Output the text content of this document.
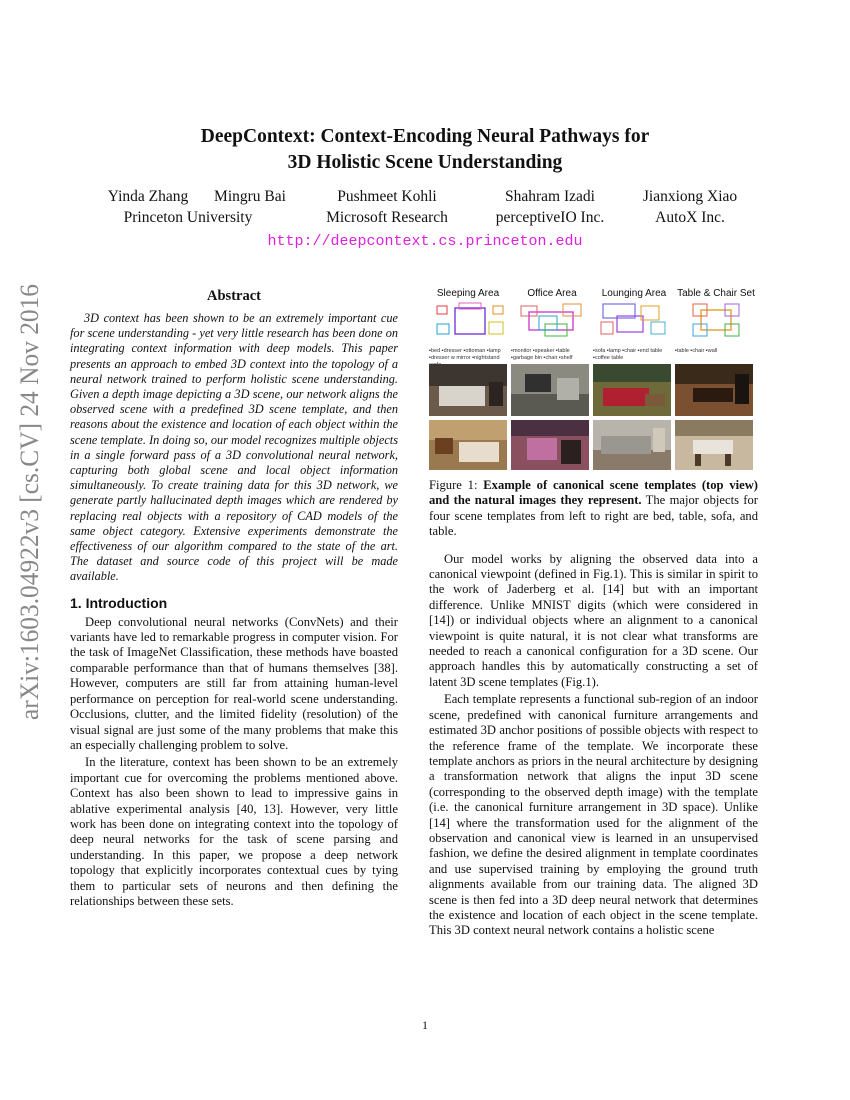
arXiv:1603.04922v3 [cs.CV] 24 Nov 2016
DeepContext: Context-Encoding Neural Pathways for
3D Holistic Scene Understanding
Yinda Zhang	Mingru Bai
Princeton University
Pushmeet Kohli
Microsoft Research
Shahram Izadi
perceptiveIO Inc.
Jianxiong Xiao
AutoX Inc.
http://deepcontext.cs.princeton.edu
Abstract

3D context has been shown to be an extremely important cue for scene understanding - yet very little research has been done on integrating context information with deep models. This paper presents an approach to embed 3D context into the topology of a neural network trained to perform holistic scene understanding. Given a depth image depicting a 3D scene, our network aligns the observed scene with a predefined 3D scene template, and then reasons about the existence and location of each object within the scene template. In doing so, our model recognizes multiple objects in a single forward pass of a 3D convolutional neural network, capturing both global scene and local object information simultaneously. To create training data for this 3D network, we generate partly hallucinated depth images which are rendered by replacing real objects with a repository of CAD models of the same object category. Extensive experiments demonstrate the effectiveness of our algorithm compared to the state of the art. The dataset and source code of this project will be made available.

1. Introduction

Deep convolutional neural networks (ConvNets) and their variants have led to remarkable progress in computer vision. For the task of ImageNet Classification, these methods have boasted comparable performance than that of humans themselves [38]. However, computers are still far from attaining human-level performance on perception for real-world scene understanding. Occlusions, clutter, and the limited fidelity (resolution) of the visual signal are just some of the many problems that make this an especially challenging problem to solve.

In the literature, context has been shown to be an extremely important cue for overcoming the problems mentioned above. Context has also been shown to lead to impressive gains in ablative experimental analysis [40, 13]. However, very little work has been done on integrating context into the topology of deep neural networks for the task of scene parsing and understanding. In this paper, we propose a deep network topology that explicitly incorporates contextual cues by tying them to particular sets of neurons and then defining the relationships between these sets.

Sleeping Area	Office Area	Lounging Area	Table & Chair Set
▪bed ▪dresser ▪ottoman ▪lamp ▪dresser w mirror ▪nightstand
▪monitor ▪speaker ▪table ▪garbage bin ▪chair ▪shelf
▪sofa ▪lamp ▪chair ▪end table ▪coffee table
▪table ▪chair ▪wall

Figure 1: Example of canonical scene templates (top view) and the natural images they represent. The major objects for four scene templates from left to right are bed, table, sofa, and table.

Our model works by aligning the observed data into a canonical viewpoint (defined in Fig.1). This is similar in spirit to the work of Jaderberg et al. [14] but with an important difference. Unlike MNIST digits (which were considered in [14]) or individual objects where an alignment to a canonical viewpoint is quite natural, it is not clear what transforms are needed to reach a canonical configuration for a 3D scene. Our approach handles this by automatically constructing a set of latent 3D scene templates (Fig.1).

Each template represents a functional sub-region of an indoor scene, predefined with canonical furniture arrangements and estimated 3D anchor positions of possible objects with respect to the reference frame of the template. We incorporate these template anchors as priors in the neural architecture by designing a transformation network that aligns the input 3D scene (corresponding to the observed depth image) with the template (i.e. the canonical furniture arrangement in 3D space). Unlike [14] where the transformation used for the alignment of the observation and canonical view is learned in an unsupervised fashion, we define the desired alignment in template coordinates and use supervised training by employing the ground truth alignments available from our training data. The aligned 3D scene is then fed into a 3D deep neural network that determines the existence and location of each object in the scene template. This 3D context neural network contains a holistic scene

1
